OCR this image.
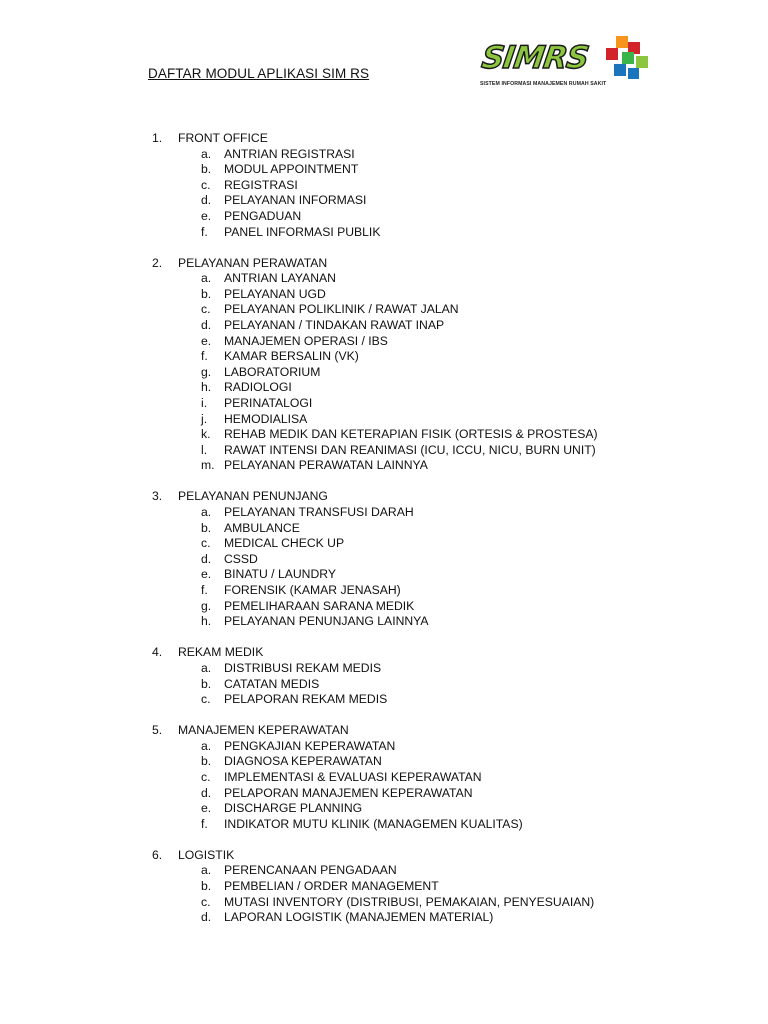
DAFTAR MODUL APLIKASI SIM RS	SIMRS
SISTEM INFORMASI MANAJEMEN RUMAH SAKIT
1.	FRONT OFFICE
a.	ANTRIAN REGISTRASI
b.	MODUL APPOINTMENT
c.	REGISTRASI
d.	PELAYANAN INFORMASI
e.	PENGADUAN
f.	PANEL INFORMASI PUBLIK
2.	PELAYANAN PERAWATAN
a.	ANTRIAN LAYANAN
b.	PELAYANAN UGD
c.	PELAYANAN POLIKLINIK / RAWAT JALAN
d.	PELAYANAN / TINDAKAN RAWAT INAP
e.	MANAJEMEN OPERASI / IBS
f.	KAMAR BERSALIN (VK)
g.	LABORATORIUM
h.	RADIOLOGI
i.	PERINATALOGI
j.	HEMODIALISA
k.	REHAB MEDIK DAN KETERAPIAN FISIK (ORTESIS & PROSTESA)
l.	RAWAT INTENSI DAN REANIMASI (ICU, ICCU, NICU, BURN UNIT)
m. PELAYANAN PERAWATAN LAINNYA
3.	PELAYANAN PENUNJANG
a.	PELAYANAN TRANSFUSI DARAH
b.	AMBULANCE
c.	MEDICAL CHECK UP
d.	CSSD
e.	BINATU / LAUNDRY
f.	FORENSIK (KAMAR JENASAH)
g.	PEMELIHARAAN SARANA MEDIK
h.	PELAYANAN PENUNJANG LAINNYA
4.	REKAM MEDIK
a.	DISTRIBUSI REKAM MEDIS
b.	CATATAN MEDIS
c.	PELAPORAN REKAM MEDIS
5.	MANAJEMEN KEPERAWATAN
a.	PENGKAJIAN KEPERAWATAN
b.	DIAGNOSA KEPERAWATAN
c.	IMPLEMENTASI & EVALUASI KEPERAWATAN
d.	PELAPORAN MANAJEMEN KEPERAWATAN
e.	DISCHARGE PLANNING
f.	INDIKATOR MUTU KLINIK (MANAGEMEN KUALITAS)
6.	LOGISTIK
a.	PERENCANAAN PENGADAAN
b.	PEMBELIAN / ORDER MANAGEMENT
c.	MUTASI INVENTORY (DISTRIBUSI, PEMAKAIAN, PENYESUAIAN)
d.	LAPORAN LOGISTIK (MANAJEMEN MATERIAL)
